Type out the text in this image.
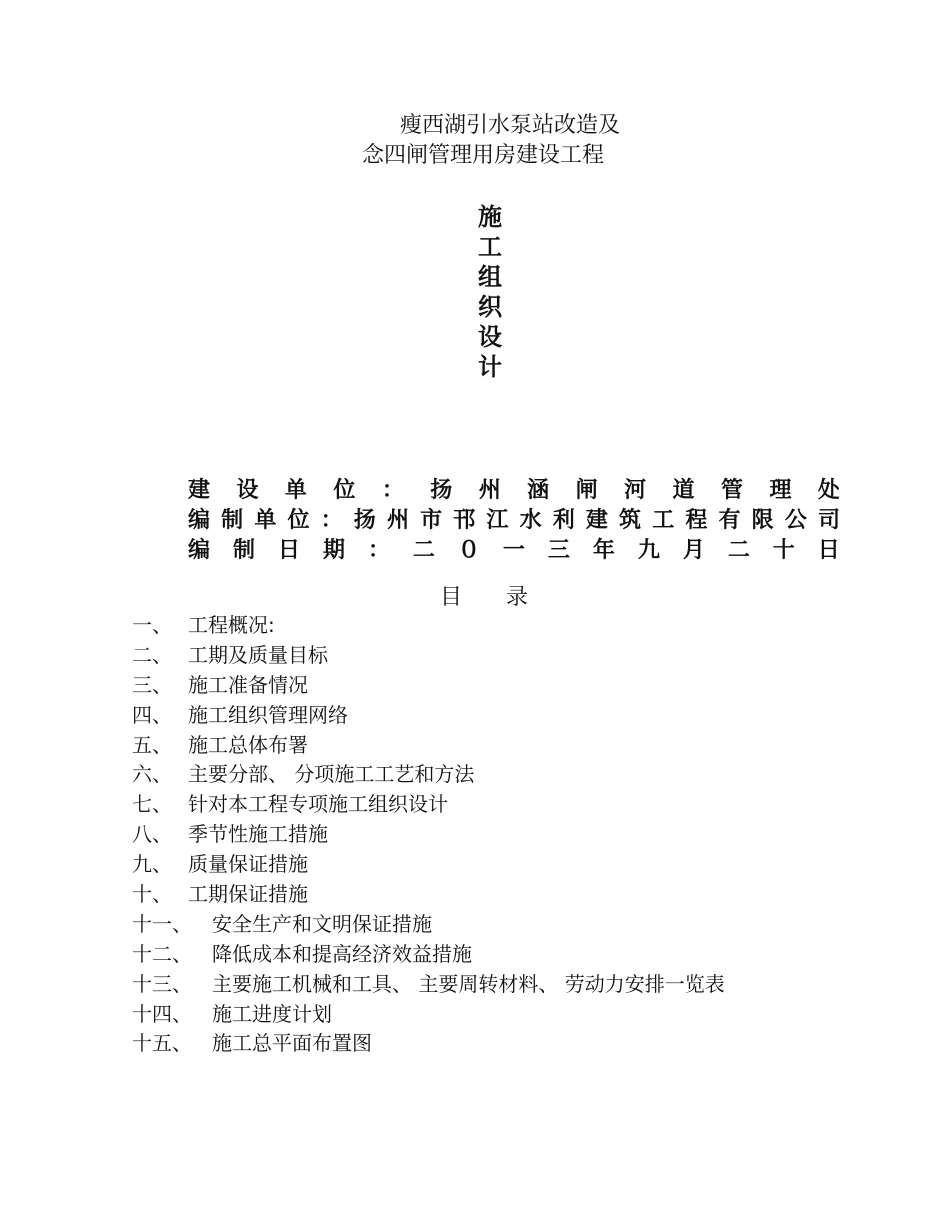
瘦西湖引水泵站改造及
念四闸管理用房建设工程
施
工
组
织
设
计
建 设 单 位 ： 扬 州 涵 闸 河 道 管 理 处
编 制 单 位 ： 扬 州 市 邗 江 水 利 建 筑 工 程 有 限 公 司
编 制 日 期 ： 二 ０ 一 三 年 九 月 二 十 日
目 录
一、 工程概况:
二、 工期及质量目标
三、 施工准备情况
四、 施工组织管理网络
五、 施工总体布署
六、 主要分部、 分项施工工艺和方法
七、 针对本工程专项施工组织设计
八、 季节性施工措施
九、 质量保证措施
十、 工期保证措施
十一、 安全生产和文明保证措施
十二、 降低成本和提高经济效益措施
十三、 主要施工机械和工具、 主要周转材料、 劳动力安排一览表
十四、 施工进度计划
十五、 施工总平面布置图
